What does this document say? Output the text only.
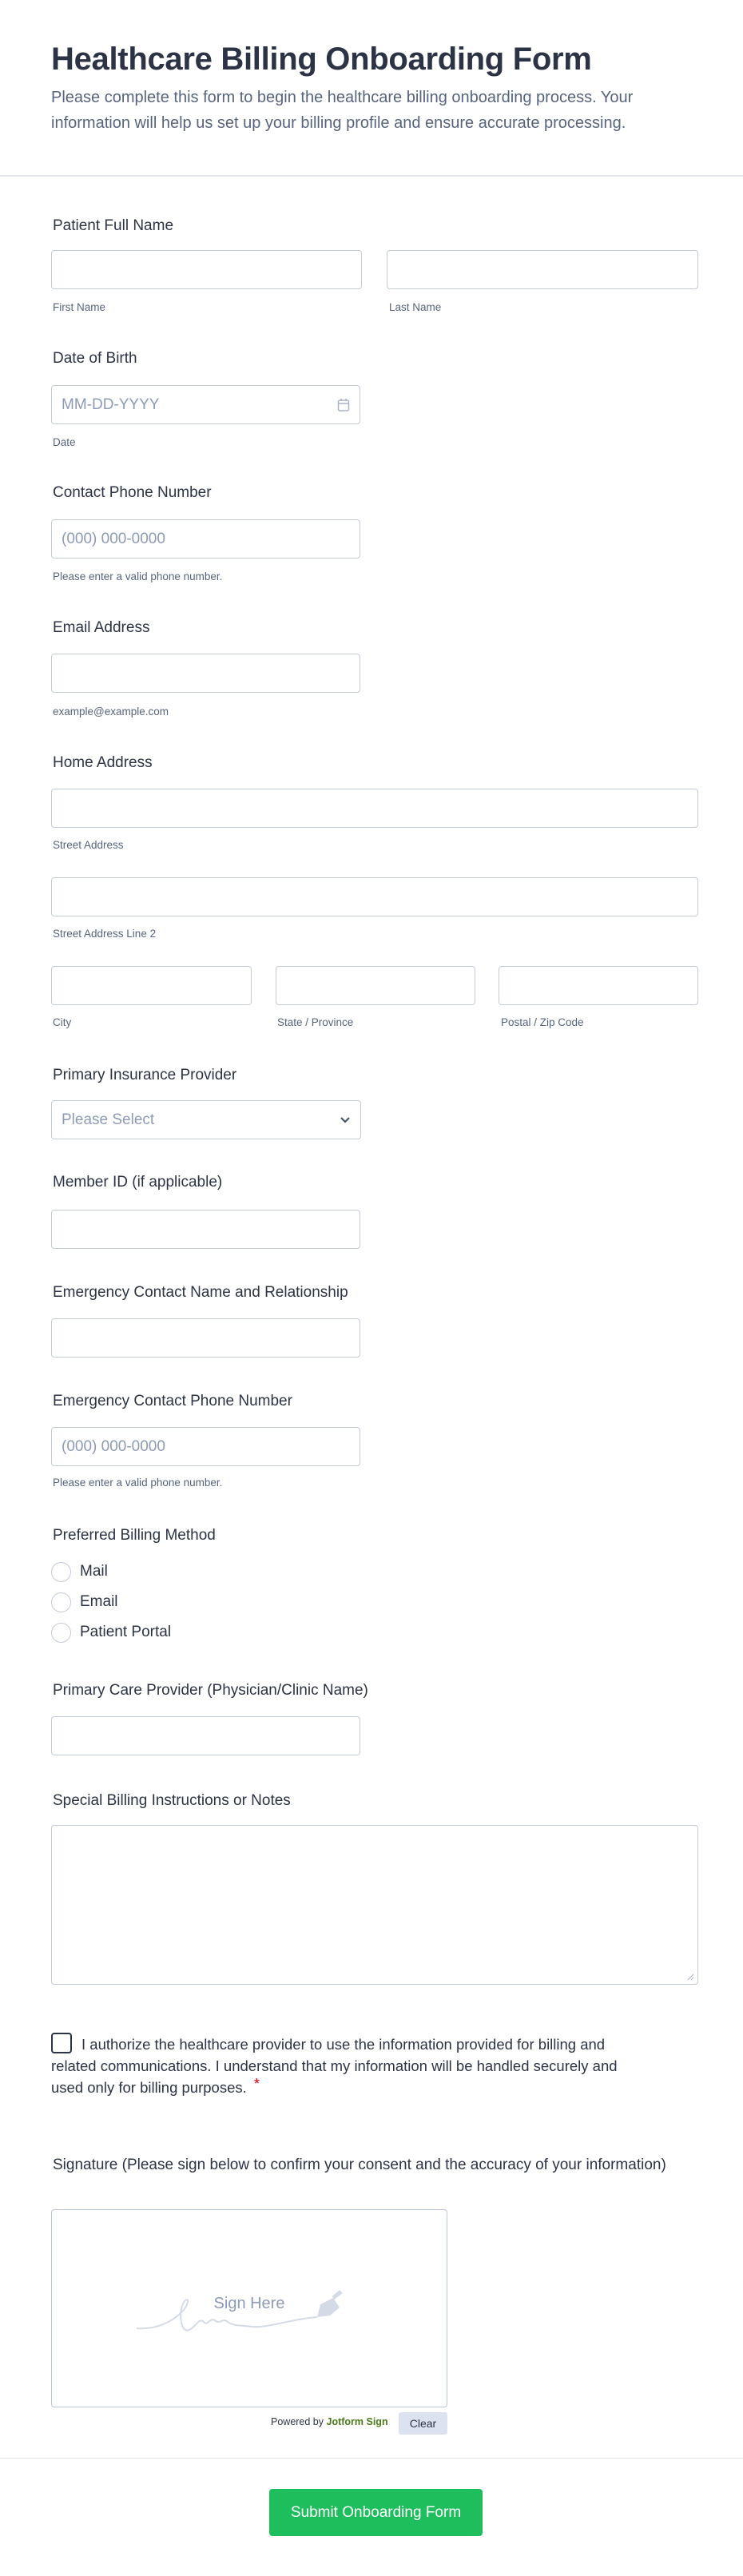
Healthcare Billing Onboarding Form
Please complete this form to begin the healthcare billing onboarding process. Your information will help us set up your billing profile and ensure accurate processing.
Patient Full Name
First Name	Last Name
Date of Birth
MM-DD-YYYY
Date
Contact Phone Number
(000) 000-0000
Please enter a valid phone number.
Email Address
example@example.com
Home Address
Street Address
Street Address Line 2
City	State / Province	Postal / Zip Code
Primary Insurance Provider
Please Select
Member ID (if applicable)
Emergency Contact Name and Relationship
Emergency Contact Phone Number
(000) 000-0000
Please enter a valid phone number.
Preferred Billing Method
Mail
Email
Patient Portal
Primary Care Provider (Physician/Clinic Name)
Special Billing Instructions or Notes
I authorize the healthcare provider to use the information provided for billing and related communications. I understand that my information will be handled securely and used only for billing purposes. *
Signature (Please sign below to confirm your consent and the accuracy of your information)
Sign Here
Powered by Jotform Sign	Clear
Submit Onboarding Form
